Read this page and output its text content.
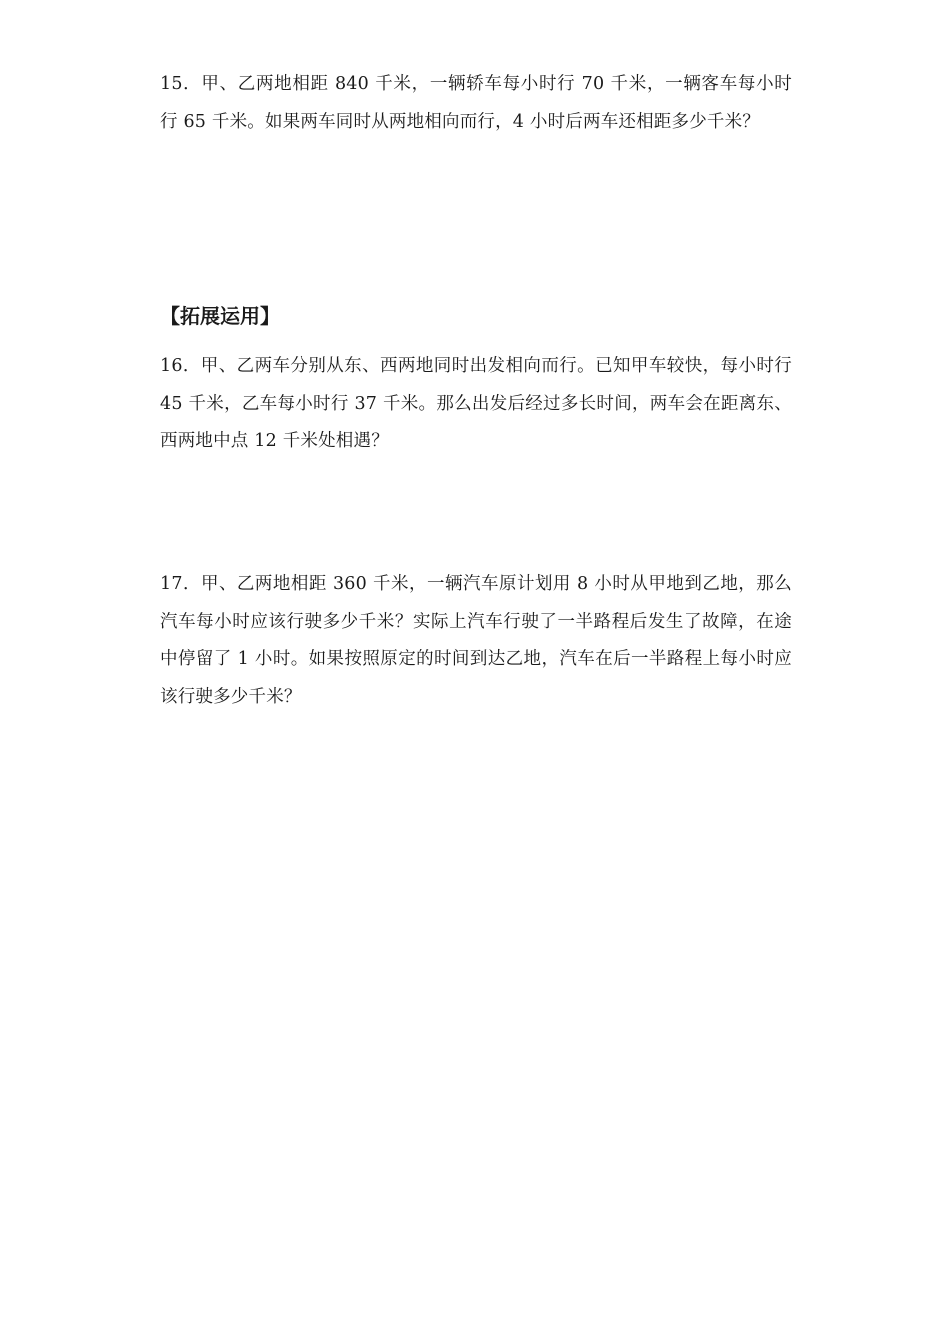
15．甲、乙两地相距 840 千米，一辆轿车每小时行 70 千米，一辆客车每小时行 65 千米。如果两车同时从两地相向而行，4 小时后两车还相距多少千米？

【拓展运用】

16．甲、乙两车分别从东、西两地同时出发相向而行。已知甲车较快，每小时行 45 千米，乙车每小时行 37 千米。那么出发后经过多长时间，两车会在距离东、西两地中点 12 千米处相遇？

17．甲、乙两地相距 360 千米，一辆汽车原计划用 8 小时从甲地到乙地，那么汽车每小时应该行驶多少千米？实际上汽车行驶了一半路程后发生了故障，在途中停留了 1 小时。如果按照原定的时间到达乙地，汽车在后一半路程上每小时应该行驶多少千米？
